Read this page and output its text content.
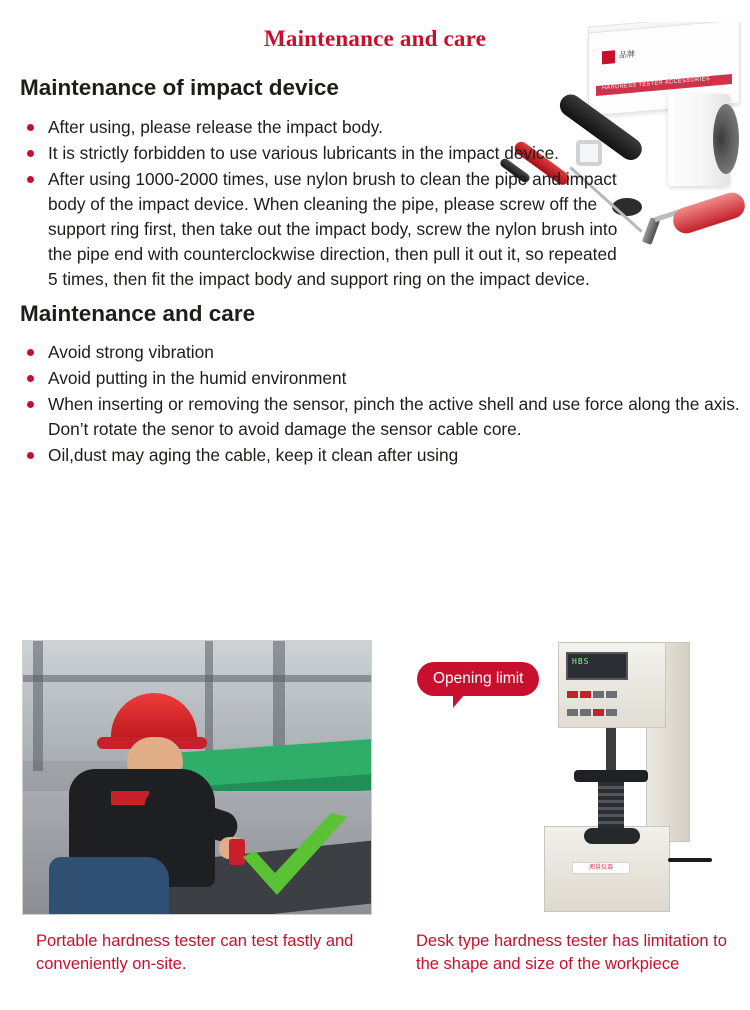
Maintenance and care
品牌
HARDNESS TESTER ACCESSORIES
Maintenance of impact device
After using, please release the impact body.
It is strictly forbidden to use various lubricants in the impact device.
After using 1000-2000 times, use nylon brush to clean the pipe and impact body of the impact device. When cleaning the pipe, please screw off the support ring first, then take out the impact body, screw the nylon brush into the pipe end with counterclockwise direction, then pull it out it, so repeated 5 times, then fit the impact body and support ring on the impact device.
Maintenance and care
Avoid strong vibration
Avoid putting in the humid environment
When inserting or removing the sensor, pinch the active shell and use force along the axis. Don’t rotate the senor to avoid damage the sensor cable core.
Oil,dust may aging the cable, keep it clean after using
Portable hardness tester can test fastly and conveniently on-site.
HBS

测量仪器
Opening limit
Desk type hardness tester has limitation to the shape and size of the workpiece
